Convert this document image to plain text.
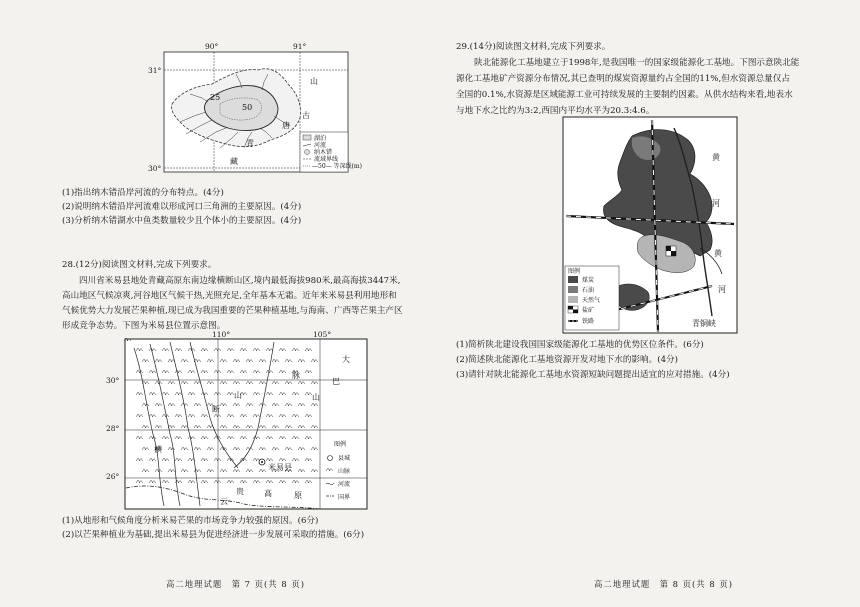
25
50
山
古
唐
青
藏
湖泊
河流
纳木错
流域界线
—50— 等深线(m)
90°	91°
31°
30°
(1)指出纳木错沿岸河流的分布特点。(4分)
(2)说明纳木错沿岸河流难以形成河口三角洲的主要原因。(4分)
(3)分析纳木错湖水中鱼类数量较少且个体小的主要原因。(4分)
28.(12分)阅读图文材料,完成下列要求。
四川省米易县地处青藏高原东南边缘横断山区,境内最低海拔980米,最高海拔3447米,
高山地区气候凉爽,河谷地区气候干热,光照充足,全年基本无霜。近年来米易县利用地形和
气候优势大力发展芒果种植,现已成为我国重要的芒果种植基地,与海南、广西等芒果主产区
形成竞争态势。下图为米易县位置示意图。
110°	105°
30°
28°
26°
大
巴
山
脉
横
断
山
米易县
云
贵	高	原
图例
县城
山脉
河流
国界
(1)从地形和气候角度分析米易芒果的市场竞争力较强的原因。(6分)
(2)以芒果种植业为基础,提出米易县为促进经济进一步发展可采取的措施。(6分)
高二地理试题　第 7 页(共 8 页)
29.(14分)阅读图文材料,完成下列要求。
陕北能源化工基地建立于1998年,是我国唯一的国家级能源化工基地。下图示意陕北能
源化工基地矿产资源分布情况,其已查明的煤炭资源量约占全国的11%,但水资源总量仅占
全国的0.1%,水资源是区域能源工业可持续发展的主要制约因素。从供水结构来看,地表水
与地下水之比约为3:2,西国内平均水平为20.3:4.6。
黄
河
黄
河
青铜峡
图例
煤炭
石油
天然气
盐矿
铁路
(1)简析陕北建设我国国家级能源化工基地的优势区位条件。(6分)
(2)简述陕北能源化工基地资源开发对地下水的影响。(4分)
(3)请针对陕北能源化工基地水资源短缺问题提出适宜的应对措施。(4分)
高二地理试题　第 8 页(共 8 页)
